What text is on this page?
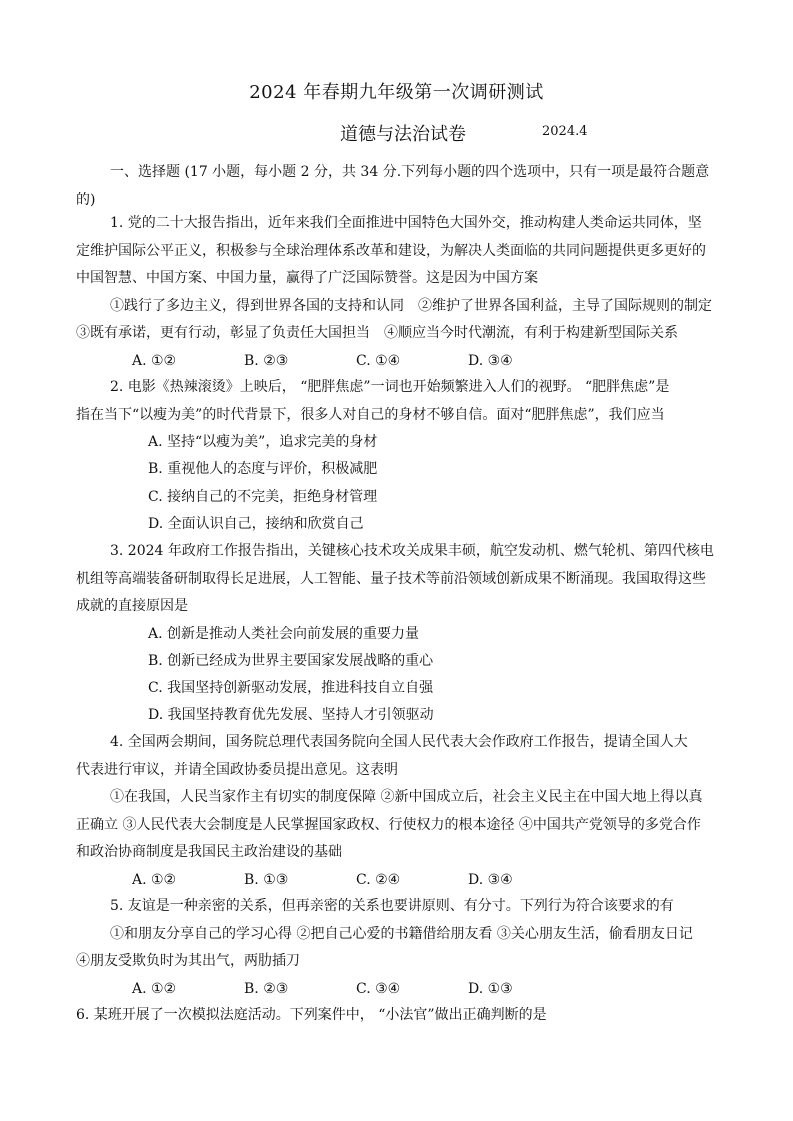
2024 年春期九年级第一次调研测试
道德与法治试卷	2024.4
一、选择题 (17 小题，每小题 2 分，共 34 分.下列每小题的四个选项中，只有一项是最符合题意
的)
1. 党的二十大报告指出，近年来我们全面推进中国特色大国外交，推动构建人类命运共同体，坚
定维护国际公平正义，积极参与全球治理体系改革和建设，为解决人类面临的共同问题提供更多更好的
中国智慧、中国方案、中国力量，赢得了广泛国际赞誉。这是因为中国方案
①践行了多边主义，得到世界各国的支持和认同　②维护了世界各国利益，主导了国际规则的制定
③既有承诺，更有行动，彰显了负责任大国担当　④顺应当今时代潮流，有利于构建新型国际关系
A. ①②	B. ②③	C. ①④	D. ③④
2. 电影《热辣滚烫》上映后， “肥胖焦虑”一词也开始频繁进入人们的视野。 “肥胖焦虑”是
指在当下“以瘦为美”的时代背景下，很多人对自己的身材不够自信。面对“肥胖焦虑”，我们应当
A. 坚持“以瘦为美”，追求完美的身材
B. 重视他人的态度与评价，积极减肥
C. 接纳自己的不完美，拒绝身材管理
D. 全面认识自己，接纳和欣赏自己
3. 2024 年政府工作报告指出，关键核心技术攻关成果丰硕，航空发动机、燃气轮机、第四代核电
机组等高端装备研制取得长足进展，人工智能、量子技术等前沿领域创新成果不断涌现。我国取得这些
成就的直接原因是
A. 创新是推动人类社会向前发展的重要力量
B. 创新已经成为世界主要国家发展战略的重心
C. 我国坚持创新驱动发展，推进科技自立自强
D. 我国坚持教育优先发展、坚持人才引领驱动
4. 全国两会期间，国务院总理代表国务院向全国人民代表大会作政府工作报告，提请全国人大
代表进行审议，并请全国政协委员提出意见。这表明
①在我国，人民当家作主有切实的制度保障 ②新中国成立后，社会主义民主在中国大地上得以真
正确立 ③人民代表大会制度是人民掌握国家政权、行使权力的根本途径 ④中国共产党领导的多党合作
和政治协商制度是我国民主政治建设的基础
A. ①②	B. ①③	C. ②④	D. ③④
5. 友谊是一种亲密的关系，但再亲密的关系也要讲原则、有分寸。下列行为符合该要求的有
①和朋友分享自己的学习心得 ②把自己心爱的书籍借给朋友看 ③关心朋友生活，偷看朋友日记
④朋友受欺负时为其出气，两肋插刀
A. ①②	B. ②③	C. ③④	D. ①③
6. 某班开展了一次模拟法庭活动。下列案件中， “小法官”做出正确判断的是
